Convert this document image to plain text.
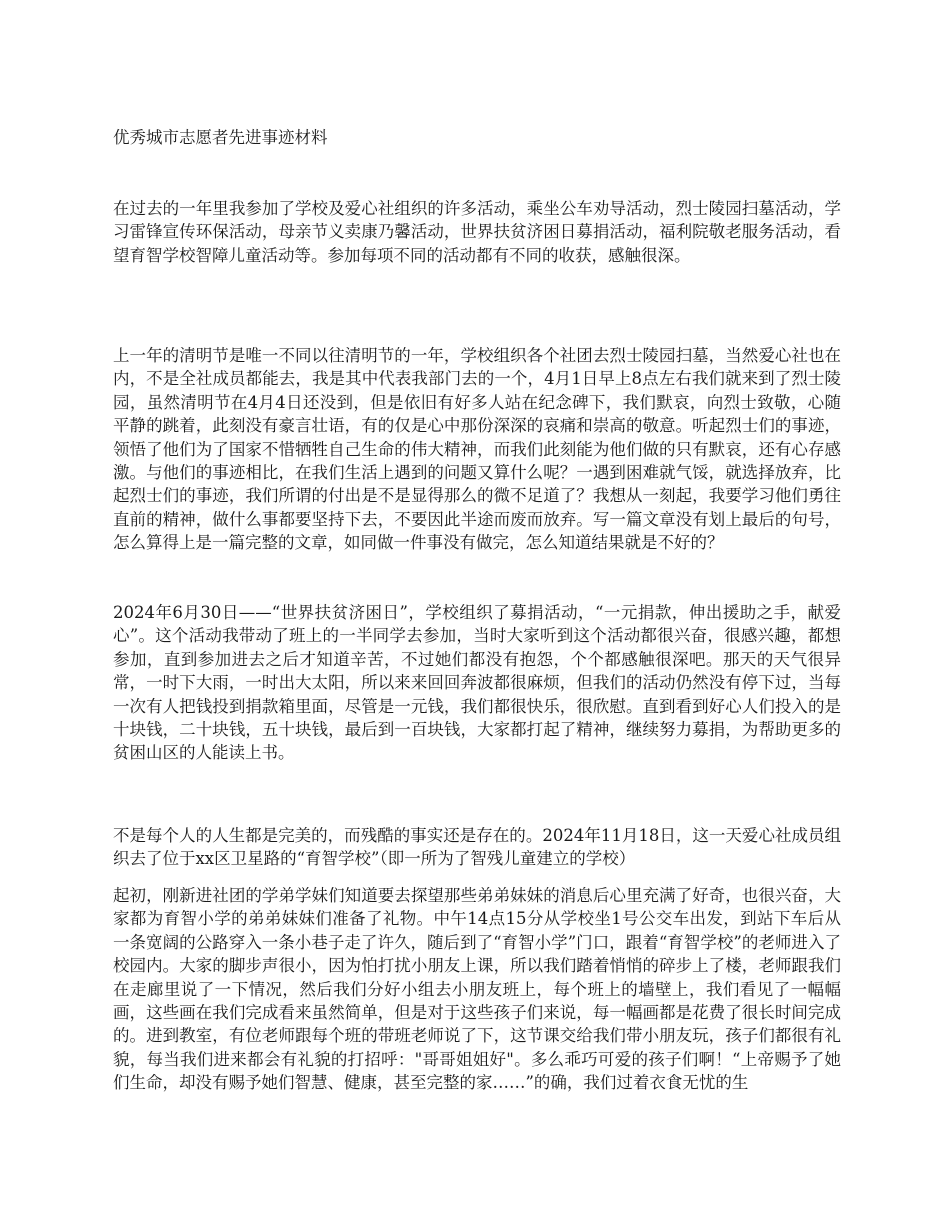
优秀城市志愿者先进事迹材料

在过去的一年里我参加了学校及爱心社组织的许多活动，乘坐公车劝导活动，烈士陵园扫墓活动，学习雷锋宣传环保活动，母亲节义卖康乃馨活动，世界扶贫济困日募捐活动，福利院敬老服务活动，看望育智学校智障儿童活动等。参加每项不同的活动都有不同的收获，感触很深。

上一年的清明节是唯一不同以往清明节的一年，学校组织各个社团去烈士陵园扫墓，当然爱心社也在内，不是全社成员都能去，我是其中代表我部门去的一个，4月1日早上8点左右我们就来到了烈士陵园，虽然清明节在4月4日还没到，但是依旧有好多人站在纪念碑下，我们默哀，向烈士致敬，心随平静的跳着，此刻没有豪言壮语，有的仅是心中那份深深的哀痛和崇高的敬意。听起烈士们的事迹，领悟了他们为了国家不惜牺牲自己生命的伟大精神，而我们此刻能为他们做的只有默哀，还有心存感激。与他们的事迹相比，在我们生活上遇到的问题又算什么呢？一遇到困难就气馁，就选择放弃，比起烈士们的事迹，我们所谓的付出是不是显得那么的微不足道了？我想从一刻起，我要学习他们勇往直前的精神，做什么事都要坚持下去，不要因此半途而废而放弃。写一篇文章没有划上最后的句号，怎么算得上是一篇完整的文章，如同做一件事没有做完，怎么知道结果就是不好的？

2024年6月30日——“世界扶贫济困日”，学校组织了募捐活动，“一元捐款，伸出援助之手，献爱心”。这个活动我带动了班上的一半同学去参加，当时大家听到这个活动都很兴奋，很感兴趣，都想参加，直到参加进去之后才知道辛苦，不过她们都没有抱怨，个个都感触很深吧。那天的天气很异常，一时下大雨，一时出大太阳，所以来来回回奔波都很麻烦，但我们的活动仍然没有停下过，当每一次有人把钱投到捐款箱里面，尽管是一元钱，我们都很快乐，很欣慰。直到看到好心人们投入的是十块钱，二十块钱，五十块钱，最后到一百块钱，大家都打起了精神，继续努力募捐，为帮助更多的贫困山区的人能读上书。

不是每个人的人生都是完美的，而残酷的事实还是存在的。2024年11月18日，这一天爱心社成员组织去了位于xx区卫星路的“育智学校”（即一所为了智残儿童建立的学校）

起初，刚新进社团的学弟学妹们知道要去探望那些弟弟妹妹的消息后心里充满了好奇，也很兴奋，大家都为育智小学的弟弟妹妹们准备了礼物。中午14点15分从学校坐1号公交车出发，到站下车后从一条宽阔的公路穿入一条小巷子走了许久，随后到了“育智小学”门口，跟着“育智学校”的老师进入了校园内。大家的脚步声很小，因为怕打扰小朋友上课，所以我们踏着悄悄的碎步上了楼，老师跟我们在走廊里说了一下情况，然后我们分好小组去小朋友班上，每个班上的墙壁上，我们看见了一幅幅画，这些画在我们完成看来虽然简单，但是对于这些孩子们来说，每一幅画都是花费了很长时间完成的。进到教室，有位老师跟每个班的带班老师说了下，这节课交给我们带小朋友玩，孩子们都很有礼貌，每当我们进来都会有礼貌的打招呼："哥哥姐姐好"。多么乖巧可爱的孩子们啊！“上帝赐予了她们生命，却没有赐予她们智慧、健康，甚至完整的家……”的确，我们过着衣食无忧的生
